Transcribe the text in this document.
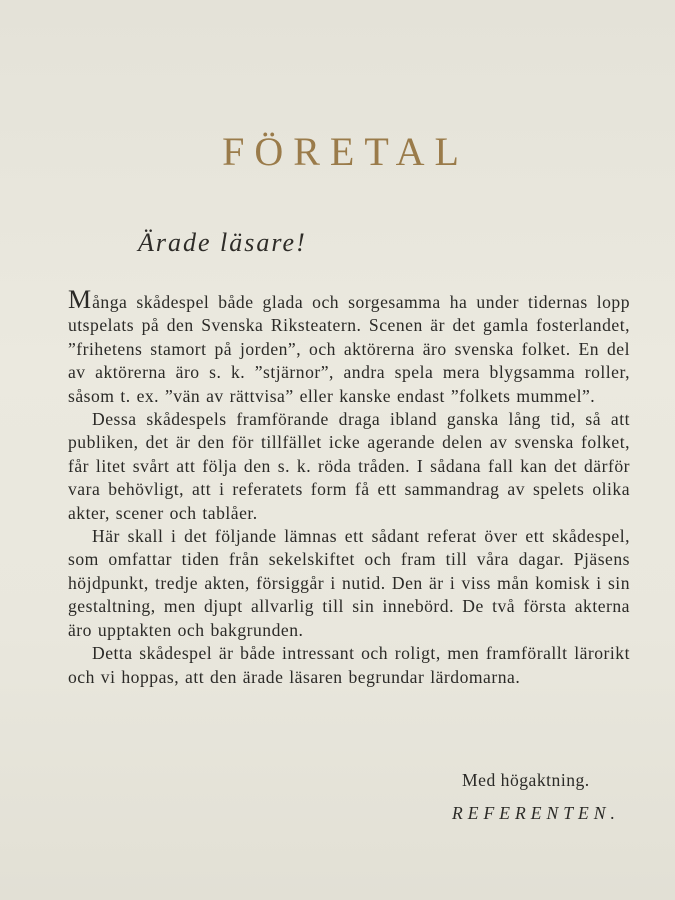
FÖRETAL
Ärade läsare!

Många skådespel både glada och sorgesamma ha under tidernas lopp utspelats på den Svenska Riksteatern. Scenen är det gamla fosterlandet, ”frihetens stamort på jorden”, och aktörerna äro svenska folket. En del av aktörerna äro s. k. ”stjärnor”, andra spela mera blygsamma roller, såsom t. ex. ”vän av rättvisa” eller kanske endast ”folkets mummel”.

Dessa skådespels framförande draga ibland ganska lång tid, så att publiken, det är den för tillfället icke agerande delen av svenska folket, får litet svårt att följa den s. k. röda tråden. I sådana fall kan det därför vara behövligt, att i referatets form få ett sammandrag av spelets olika akter, scener och tablåer.

Här skall i det följande lämnas ett sådant referat över ett skådespel, som omfattar tiden från sekelskiftet och fram till våra dagar. Pjäsens höjdpunkt, tredje akten, försiggår i nutid. Den är i viss mån komisk i sin gestaltning, men djupt allvarlig till sin innebörd. De två första akterna äro upptakten och bakgrunden.

Detta skådespel är både intressant och roligt, men framförallt lärorikt och vi hoppas, att den ärade läsaren begrundar lärdomarna.

Med högaktning.
REFERENTEN.
